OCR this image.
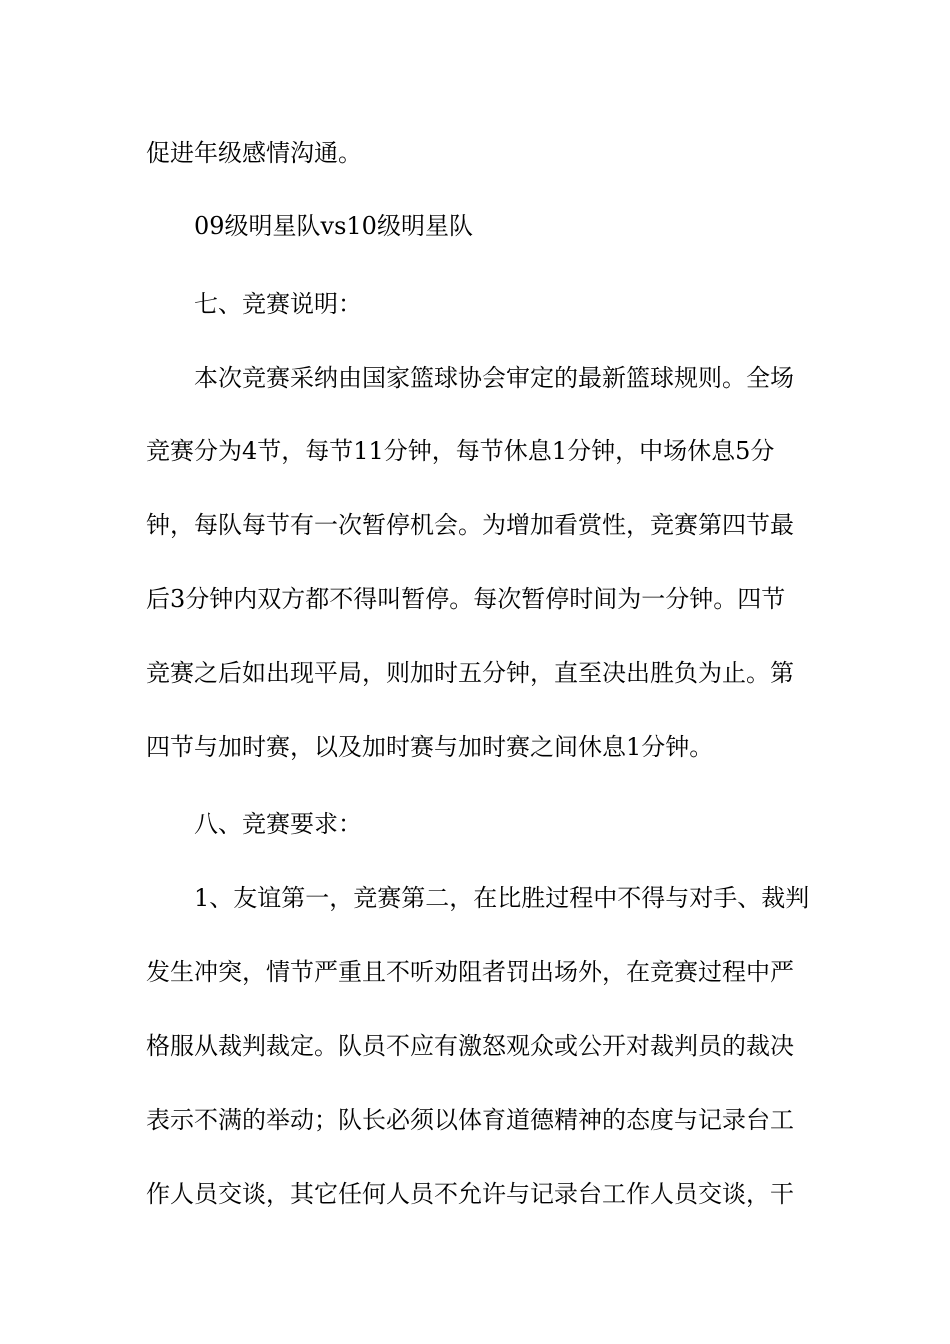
促进年级感情沟通。
09级明星队vs10级明星队
七、竞赛说明：
本次竞赛采纳由国家篮球协会审定的最新篮球规则。全场
竞赛分为4节，每节11分钟，每节休息1分钟，中场休息5分
钟，每队每节有一次暂停机会。为增加看赏性，竞赛第四节最
后3分钟内双方都不得叫暂停。每次暂停时间为一分钟。四节
竞赛之后如出现平局，则加时五分钟，直至决出胜负为止。第
四节与加时赛，以及加时赛与加时赛之间休息1分钟。
八、竞赛要求：
1、友谊第一，竞赛第二，在比胜过程中不得与对手、裁判
发生冲突，情节严重且不听劝阻者罚出场外，在竞赛过程中严
格服从裁判裁定。队员不应有激怒观众或公开对裁判员的裁决
表示不满的举动；队长必须以体育道德精神的态度与记录台工
作人员交谈，其它任何人员不允许与记录台工作人员交谈，干
